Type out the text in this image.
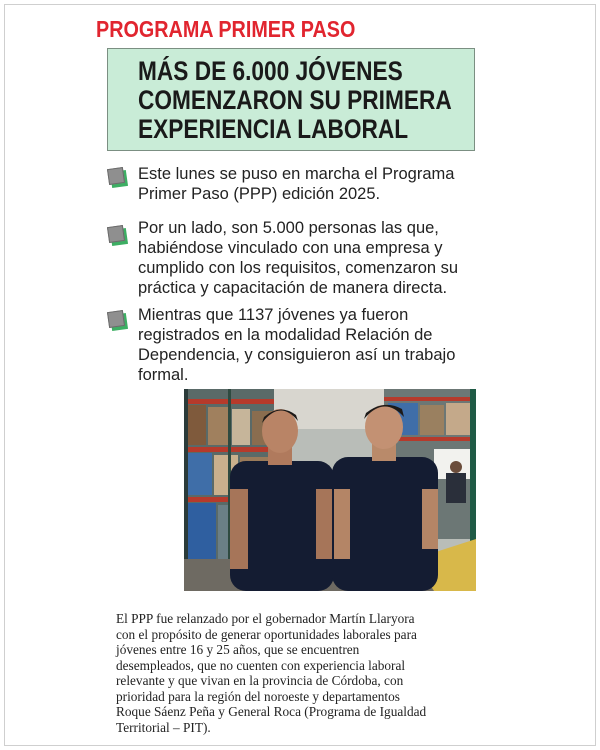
PROGRAMA PRIMER PASO
MÁS DE 6.000 JÓVENES
COMENZARON SU PRIMERA
EXPERIENCIA LABORAL
Este lunes se puso en marcha el Programa
Primer Paso (PPP) edición 2025.
Por un lado, son 5.000 personas las que,
habiéndose vinculado con una empresa y
cumplido con los requisitos, comenzaron su
práctica y capacitación de manera directa.
Mientras que 1137 jóvenes ya fueron
registrados en la modalidad Relación de
Dependencia, y consiguieron así un trabajo
formal.
El PPP fue relanzado por el gobernador Martín Llaryora
con el propósito de generar oportunidades laborales para
jóvenes entre 16 y 25 años, que se encuentren
desempleados, que no cuenten con experiencia laboral
relevante y que vivan en la provincia de Córdoba, con
prioridad para la región del noroeste y departamentos
Roque Sáenz Peña y General Roca (Programa de Igualdad
Territorial – PIT).
